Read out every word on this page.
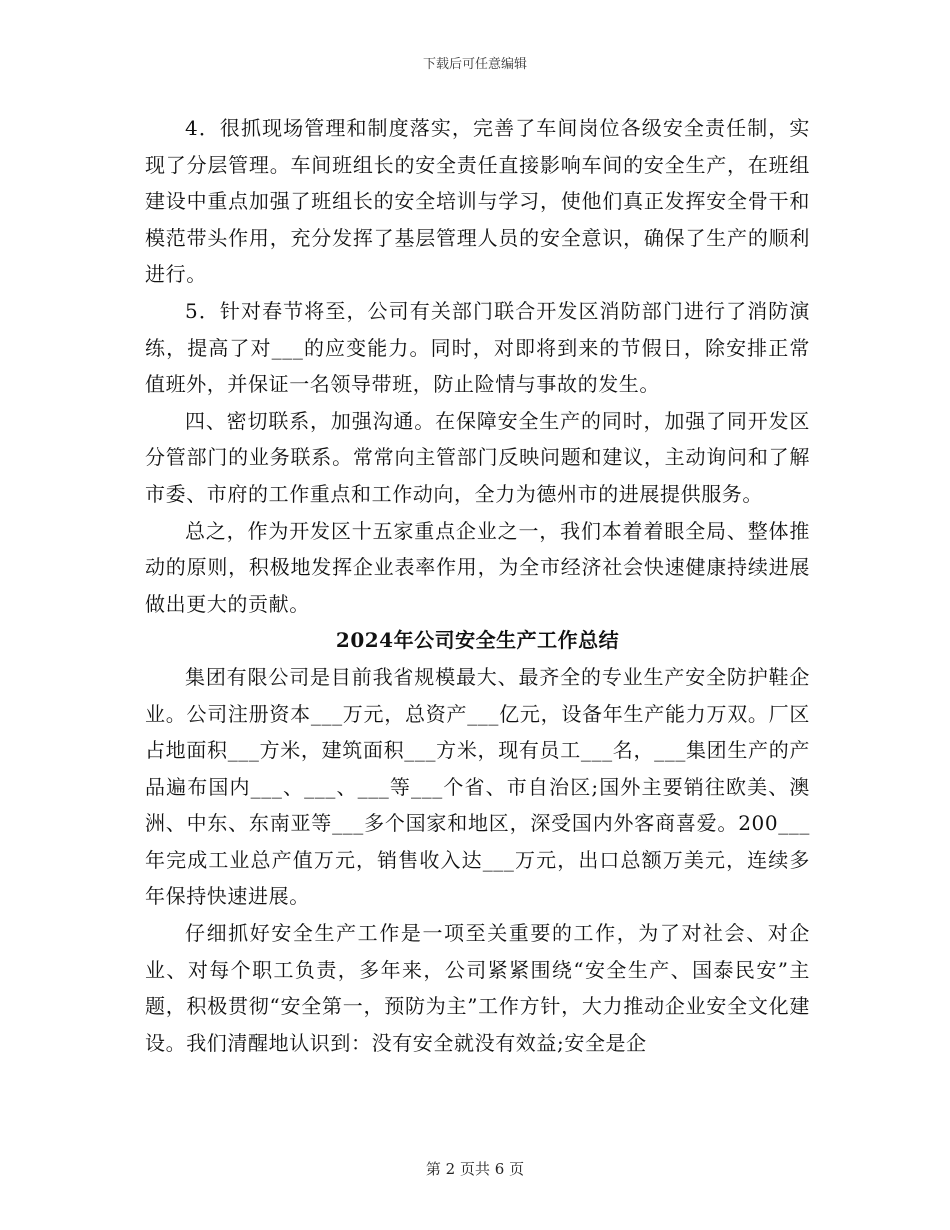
下载后可任意编辑

4．很抓现场管理和制度落实，完善了车间岗位各级安全责任制，实现了分层管理。车间班组长的安全责任直接影响车间的安全生产，在班组建设中重点加强了班组长的安全培训与学习，使他们真正发挥安全骨干和模范带头作用，充分发挥了基层管理人员的安全意识，确保了生产的顺利进行。

5．针对春节将至，公司有关部门联合开发区消防部门进行了消防演练，提高了对___的应变能力。同时，对即将到来的节假日，除安排正常值班外，并保证一名领导带班，防止险情与事故的发生。

四、密切联系，加强沟通。在保障安全生产的同时，加强了同开发区分管部门的业务联系。常常向主管部门反映问题和建议，主动询问和了解市委、市府的工作重点和工作动向，全力为德州市的进展提供服务。

总之，作为开发区十五家重点企业之一，我们本着着眼全局、整体推动的原则，积极地发挥企业表率作用，为全市经济社会快速健康持续进展做出更大的贡献。

2024年公司安全生产工作总结

集团有限公司是目前我省规模最大、最齐全的专业生产安全防护鞋企业。公司注册资本___万元，总资产___亿元，设备年生产能力万双。厂区占地面积___方米，建筑面积___方米，现有员工___名，___集团生产的产品遍布国内___、___、___等___个省、市自治区;国外主要销往欧美、澳洲、中东、东南亚等___多个国家和地区，深受国内外客商喜爱。200___年完成工业总产值万元，销售收入达___万元，出口总额万美元，连续多年保持快速进展。

仔细抓好安全生产工作是一项至关重要的工作，为了对社会、对企业、对每个职工负责，多年来，公司紧紧围绕“安全生产、国泰民安”主题，积极贯彻“安全第一，预防为主”工作方针，大力推动企业安全文化建设。我们清醒地认识到：没有安全就没有效益;安全是企

第 2 页共 6 页
